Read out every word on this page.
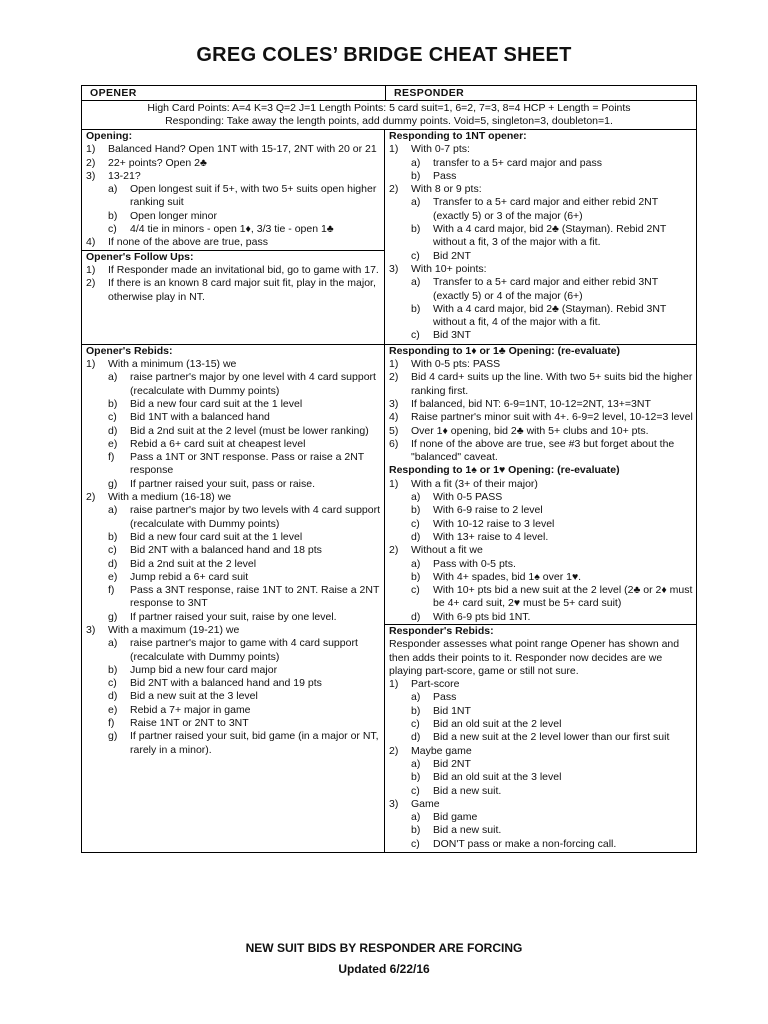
GREG COLES’ BRIDGE CHEAT SHEET
OPENER	RESPONDER
High Card Points: A=4 K=3 Q=2 J=1 Length Points: 5 card suit=1, 6=2, 7=3, 8=4 HCP + Length = Points
Responding: Take away the length points, add dummy points. Void=5, singleton=3, doubleton=1.
Opening:
1)	Balanced Hand? Open 1NT with 15-17, 2NT with 20 or 21
2)	22+ points? Open 2♣
3)	13-21?
a)	Open longest suit if 5+, with two 5+ suits open higher ranking suit
b)	Open longer minor
c)	4/4 tie in minors - open 1♦, 3/3 tie - open 1♣
4)	If none of the above are true, pass
Opener's Follow Ups:
1)	If Responder made an invitational bid, go to game with 17.
2)	If there is an known 8 card major suit fit, play in the major, otherwise play in NT.
Responding to 1NT opener:
1)	With 0-7 pts:
a)	transfer to a 5+ card major and pass
b)	Pass
2)	With 8 or 9 pts:
a)	Transfer to a 5+ card major and either rebid 2NT (exactly 5) or 3 of the major (6+)
b)	With a 4 card major, bid 2♣ (Stayman). Rebid 2NT without a fit, 3 of the major with a fit.
c)	Bid 2NT
3)	With 10+ points:
a)	Transfer to a 5+ card major and either rebid 3NT (exactly 5) or 4 of the major (6+)
b)	With a 4 card major, bid 2♣ (Stayman). Rebid 3NT without a fit, 4 of the major with a fit.
c)	Bid 3NT
Opener's Rebids:
1)	With a minimum (13-15) we
a)	raise partner's major by one level with 4 card support (recalculate with Dummy points)
b)	Bid a new four card suit at the 1 level
c)	Bid 1NT with a balanced hand
d)	Bid a 2nd suit at the 2 level (must be lower ranking)
e)	Rebid a 6+ card suit at cheapest level
f)	Pass a 1NT or 3NT response. Pass or raise a 2NT response
g)	If partner raised your suit, pass or raise.
2)	With a medium (16-18) we
a)	raise partner's major by two levels with 4 card support (recalculate with Dummy points)
b)	Bid a new four card suit at the 1 level
c)	Bid 2NT with a balanced hand and 18 pts
d)	Bid a 2nd suit at the 2 level
e)	Jump rebid a 6+ card suit
f)	Pass a 3NT response, raise 1NT to 2NT. Raise a 2NT response to 3NT
g)	If partner raised your suit, raise by one level.
3)	With a maximum (19-21) we
a)	raise partner's major to game with 4 card support (recalculate with Dummy points)
b)	Jump bid a new four card major
c)	Bid 2NT with a balanced hand and 19 pts
d)	Bid a new suit at the 3 level
e)	Rebid a 7+ major in game
f)	Raise 1NT or 2NT to 3NT
g)	If partner raised your suit, bid game (in a major or NT, rarely in a minor).
Responding to 1♦ or 1♣ Opening: (re-evaluate)
1)	With 0-5 pts: PASS
2)	Bid 4 card+ suits up the line. With two 5+ suits bid the higher ranking first.
3)	If balanced, bid NT: 6-9=1NT, 10-12=2NT, 13+=3NT
4)	Raise partner's minor suit with 4+. 6-9=2 level, 10-12=3 level
5)	Over 1♦ opening, bid 2♣ with 5+ clubs and 10+ pts.
6)	If none of the above are true, see #3 but forget about the "balanced" caveat.
Responding to 1♠ or 1♥ Opening: (re-evaluate)
1)	With a fit (3+ of their major)
a)	With 0-5 PASS
b)	With 6-9 raise to 2 level
c)	With 10-12 raise to 3 level
d)	With 13+ raise to 4 level.
2)	Without a fit we
a)	Pass with 0-5 pts.
b)	With 4+ spades, bid 1♠ over 1♥.
c)	With 10+ pts bid a new suit at the 2 level (2♣ or 2♦ must be 4+ card suit, 2♥ must be 5+ card suit)
d)	With 6-9 pts bid 1NT.
Responder's Rebids:
Responder assesses what point range Opener has shown and then adds their points to it. Responder now decides are we playing part-score, game or still not sure.
1)	Part-score
a)	Pass
b)	Bid 1NT
c)	Bid an old suit at the 2 level
d)	Bid a new suit at the 2 level lower than our first suit
2)	Maybe game
a)	Bid 2NT
b)	Bid an old suit at the 3 level
c)	Bid a new suit.
3)	Game
a)	Bid game
b)	Bid a new suit.
c)	DON'T pass or make a non-forcing call.
NEW SUIT BIDS BY RESPONDER ARE FORCING
Updated 6/22/16
